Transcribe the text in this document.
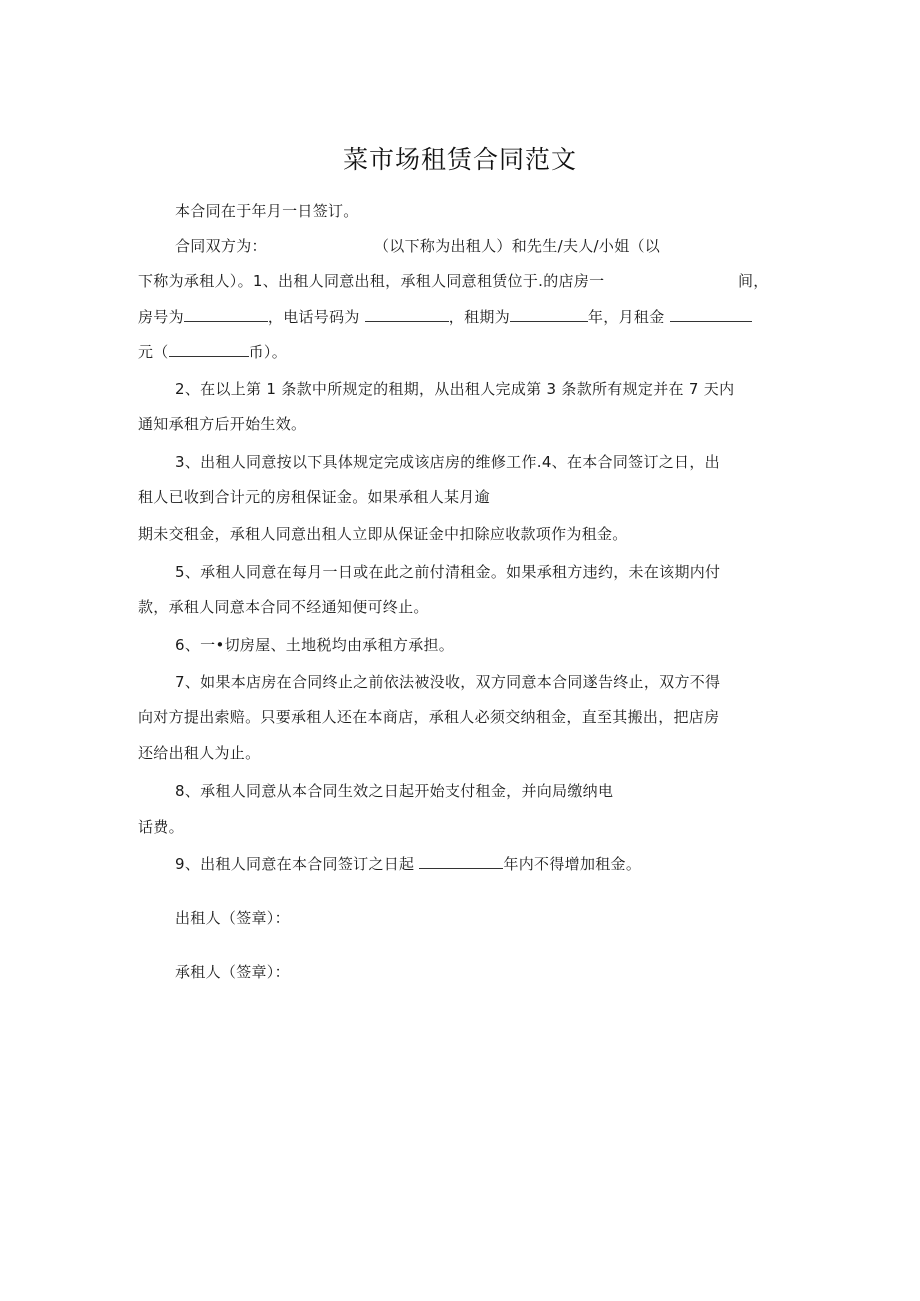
菜市场租赁合同范文
本合同在于年月一日签订。
合同双方为：	（以下称为出租人）和先生/夫人/小姐（以
下称为承租人）。1、出租人同意出租，承租人同意租赁位于.的店房一	间，
房号为	，电话号码为	，租期为	年，月租金
元（	币）。
2、在以上第 1 条款中所规定的租期，从出租人完成第 3 条款所有规定并在 7 天内
通知承租方后开始生效。
3、出租人同意按以下具体规定完成该店房的维修工作.4、在本合同签订之日，出
租人已收到合计元的房租保证金。如果承租人某月逾
期未交租金，承租人同意出租人立即从保证金中扣除应收款项作为租金。
5、承租人同意在每月一日或在此之前付清租金。如果承租方违约，未在该期内付
款，承租人同意本合同不经通知便可终止。
6、一•切房屋、土地税均由承租方承担。
7、如果本店房在合同终止之前依法被没收，双方同意本合同遂告终止，双方不得
向对方提出索赔。只要承租人还在本商店，承租人必须交纳租金，直至其搬出，把店房
还给出租人为止。
8、承租人同意从本合同生效之日起开始支付租金，并向局缴纳电
话费。
9、出租人同意在本合同签订之日起	年内不得增加租金。
出租人（签章）：
承租人（签章）：
